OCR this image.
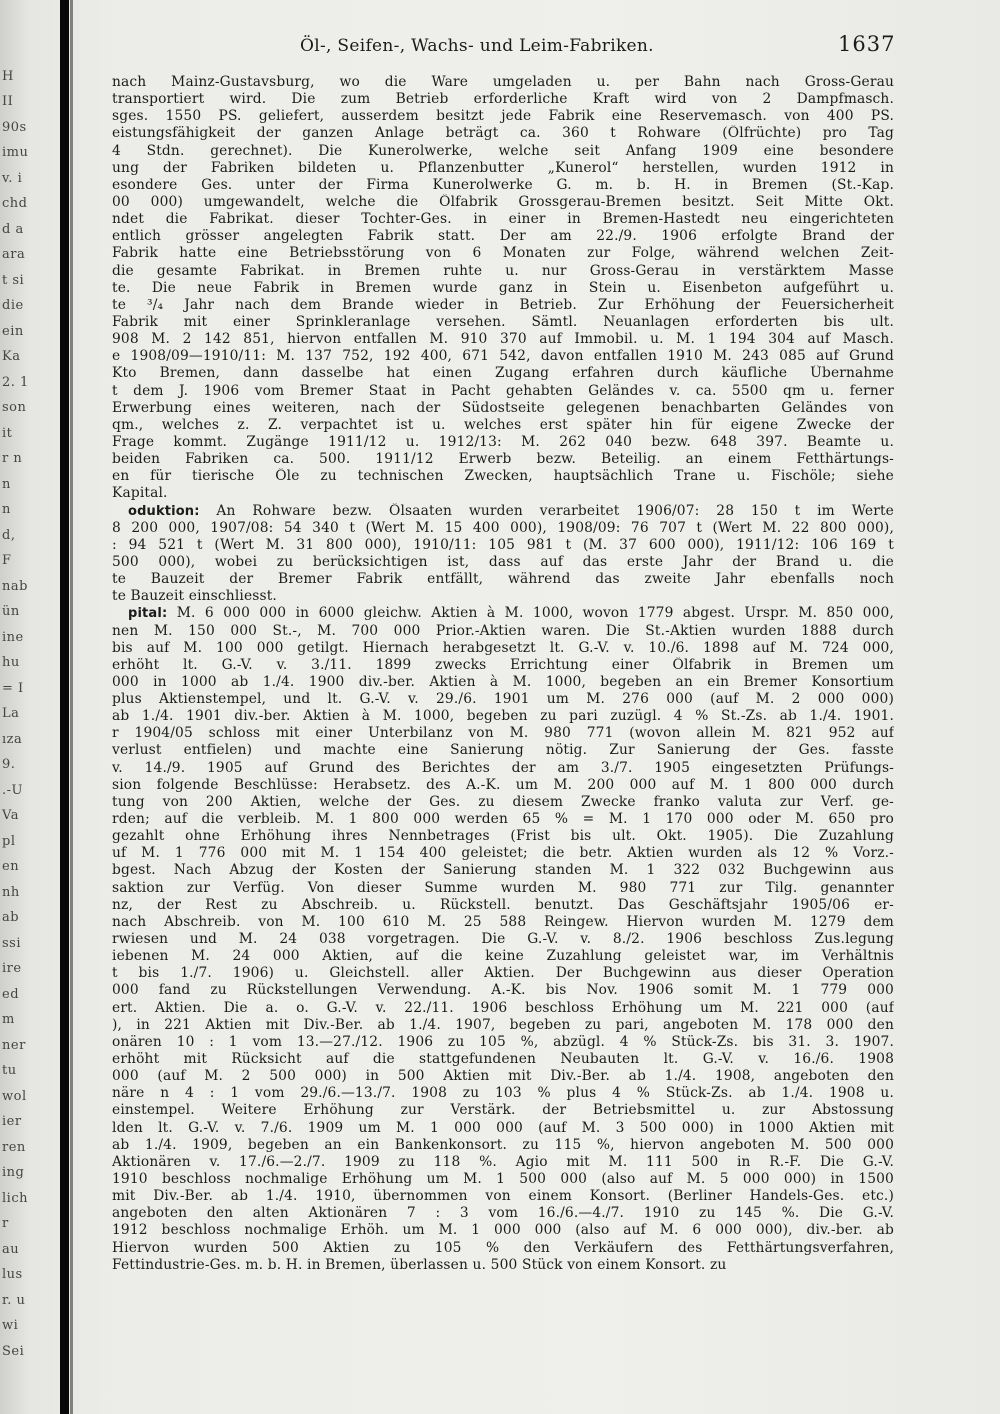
H
II
90s
imu
v. i
chd
d a
ara
t si
die
ein
Ka
2. 1
son
it
r n
n
n
d,
F
nab
ün
ine
hu
= I
La
ıza
9.
.-U
Va
pl
en
nh
ab
ssi
ire
ed
m
ner
tu
wol
ier
ren
ing
lich
r
au
lus
r. u
wi
Sei
Öl-, Seifen-, Wachs- und Leim-Fabriken.	1637
nach Mainz-Gustavsburg, wo die Ware umgeladen u. per Bahn nach Gross-Gerau
transportiert wird. Die zum Betrieb erforderliche Kraft wird von 2 Dampfmasch.
sges. 1550 PS. geliefert, ausserdem besitzt jede Fabrik eine Reservemasch. von 400 PS.
eistungsfähigkeit der ganzen Anlage beträgt ca. 360 t Rohware (Ölfrüchte) pro Tag
4 Stdn. gerechnet). Die Kunerolwerke, welche seit Anfang 1909 eine besondere
ung der Fabriken bildeten u. Pflanzenbutter „Kunerol“ herstellen, wurden 1912 in
esondere Ges. unter der Firma Kunerolwerke G. m. b. H. in Bremen (St.-Kap.
00 000) umgewandelt, welche die Ölfabrik Grossgerau-Bremen besitzt. Seit Mitte Okt.
ndet die Fabrikat. dieser Tochter-Ges. in einer in Bremen-Hastedt neu eingerichteten
entlich grösser angelegten Fabrik statt. Der am 22./9. 1906 erfolgte Brand der
Fabrik hatte eine Betriebsstörung von 6 Monaten zur Folge, während welchen Zeit-
die gesamte Fabrikat. in Bremen ruhte u. nur Gross-Gerau in verstärktem Masse
te. Die neue Fabrik in Bremen wurde ganz in Stein u. Eisenbeton aufgeführt u.
te ³/₄ Jahr nach dem Brande wieder in Betrieb. Zur Erhöhung der Feuersicherheit
Fabrik mit einer Sprinkleranlage versehen. Sämtl. Neuanlagen erforderten bis ult.
908 M. 2 142 851, hiervon entfallen M. 910 370 auf Immobil. u. M. 1 194 304 auf Masch.
e 1908/09—1910/11: M. 137 752, 192 400, 671 542, davon entfallen 1910 M. 243 085 auf Grund
Kto Bremen, dann dasselbe hat einen Zugang erfahren durch käufliche Übernahme
t dem J. 1906 vom Bremer Staat in Pacht gehabten Geländes v. ca. 5500 qm u. ferner
Erwerbung eines weiteren, nach der Südostseite gelegenen benachbarten Geländes von
qm., welches z. Z. verpachtet ist u. welches erst später hin für eigene Zwecke der
Frage kommt. Zugänge 1911/12 u. 1912/13: M. 262 040 bezw. 648 397. Beamte u.
beiden Fabriken ca. 500. 1911/12 Erwerb bezw. Beteilig. an einem Fetthärtungs-
en für tierische Öle zu technischen Zwecken, hauptsächlich Trane u. Fischöle; siehe
Kapital.
oduktion: An Rohware bezw. Ölsaaten wurden verarbeitet 1906/07: 28 150 t im Werte
8 200 000, 1907/08: 54 340 t (Wert M. 15 400 000), 1908/09: 76 707 t (Wert M. 22 800 000),
: 94 521 t (Wert M. 31 800 000), 1910/11: 105 981 t (M. 37 600 000), 1911/12: 106 169 t
500 000), wobei zu berücksichtigen ist, dass auf das erste Jahr der Brand u. die
te Bauzeit der Bremer Fabrik entfällt, während das zweite Jahr ebenfalls noch
te Bauzeit einschliesst.
pital: M. 6 000 000 in 6000 gleichw. Aktien à M. 1000, wovon 1779 abgest. Urspr. M. 850 000,
nen M. 150 000 St.-, M. 700 000 Prior.-Aktien waren. Die St.-Aktien wurden 1888 durch
bis auf M. 100 000 getilgt. Hiernach herabgesetzt lt. G.-V. v. 10./6. 1898 auf M. 724 000,
erhöht lt. G.-V. v. 3./11. 1899 zwecks Errichtung einer Ölfabrik in Bremen um
000 in 1000 ab 1./4. 1900 div.-ber. Aktien à M. 1000, begeben an ein Bremer Konsortium
plus Aktienstempel, und lt. G.-V. v. 29./6. 1901 um M. 276 000 (auf M. 2 000 000)
ab 1./4. 1901 div.-ber. Aktien à M. 1000, begeben zu pari zuzügl. 4 % St.-Zs. ab 1./4. 1901.
r 1904/05 schloss mit einer Unterbilanz von M. 980 771 (wovon allein M. 821 952 auf
verlust entfielen) und machte eine Sanierung nötig. Zur Sanierung der Ges. fasste
v. 14./9. 1905 auf Grund des Berichtes der am 3./7. 1905 eingesetzten Prüfungs-
sion folgende Beschlüsse: Herabsetz. des A.-K. um M. 200 000 auf M. 1 800 000 durch
tung von 200 Aktien, welche der Ges. zu diesem Zwecke franko valuta zur Verf. ge-
rden; auf die verbleib. M. 1 800 000 werden 65 % = M. 1 170 000 oder M. 650 pro
gezahlt ohne Erhöhung ihres Nennbetrages (Frist bis ult. Okt. 1905). Die Zuzahlung
uf M. 1 776 000 mit M. 1 154 400 geleistet; die betr. Aktien wurden als 12 % Vorz.-
bgest. Nach Abzug der Kosten der Sanierung standen M. 1 322 032 Buchgewinn aus
saktion zur Verfüg. Von dieser Summe wurden M. 980 771 zur Tilg. genannter
nz, der Rest zu Abschreib. u. Rückstell. benutzt. Das Geschäftsjahr 1905/06 er-
nach Abschreib. von M. 100 610 M. 25 588 Reingew. Hiervon wurden M. 1279 dem
rwiesen und M. 24 038 vorgetragen. Die G.-V. v. 8./2. 1906 beschloss Zus.legung
iebenen M. 24 000 Aktien, auf die keine Zuzahlung geleistet war, im Verhältnis
t bis 1./7. 1906) u. Gleichstell. aller Aktien. Der Buchgewinn aus dieser Operation
000 fand zu Rückstellungen Verwendung. A.-K. bis Nov. 1906 somit M. 1 779 000
ert. Aktien. Die a. o. G.-V. v. 22./11. 1906 beschloss Erhöhung um M. 221 000 (auf
), in 221 Aktien mit Div.-Ber. ab 1./4. 1907, begeben zu pari, angeboten M. 178 000 den
onären 10 : 1 vom 13.—27./12. 1906 zu 105 %, abzügl. 4 % Stück-Zs. bis 31. 3. 1907.
erhöht mit Rücksicht auf die stattgefundenen Neubauten lt. G.-V. v. 16./6. 1908
000 (auf M. 2 500 000) in 500 Aktien mit Div.-Ber. ab 1./4. 1908, angeboten den
näre n 4 : 1 vom 29./6.—13./7. 1908 zu 103 % plus 4 % Stück-Zs. ab 1./4. 1908 u.
einstempel. Weitere Erhöhung zur Verstärk. der Betriebsmittel u. zur Abstossung
lden lt. G.-V. v. 7./6. 1909 um M. 1 000 000 (auf M. 3 500 000) in 1000 Aktien mit
ab 1./4. 1909, begeben an ein Bankenkonsort. zu 115 %, hiervon angeboten M. 500 000
Aktionären v. 17./6.—2./7. 1909 zu 118 %. Agio mit M. 111 500 in R.-F. Die G.-V.
1910 beschloss nochmalige Erhöhung um M. 1 500 000 (also auf M. 5 000 000) in 1500
mit Div.-Ber. ab 1./4. 1910, übernommen von einem Konsort. (Berliner Handels-Ges. etc.)
angeboten den alten Aktionären 7 : 3 vom 16./6.—4./7. 1910 zu 145 %. Die G.-V.
1912 beschloss nochmalige Erhöh. um M. 1 000 000 (also auf M. 6 000 000), div.-ber. ab
Hiervon wurden 500 Aktien zu 105 % den Verkäufern des Fetthärtungsverfahren,
Fettindustrie-Ges. m. b. H. in Bremen, überlassen u. 500 Stück von einem Konsort. zu
